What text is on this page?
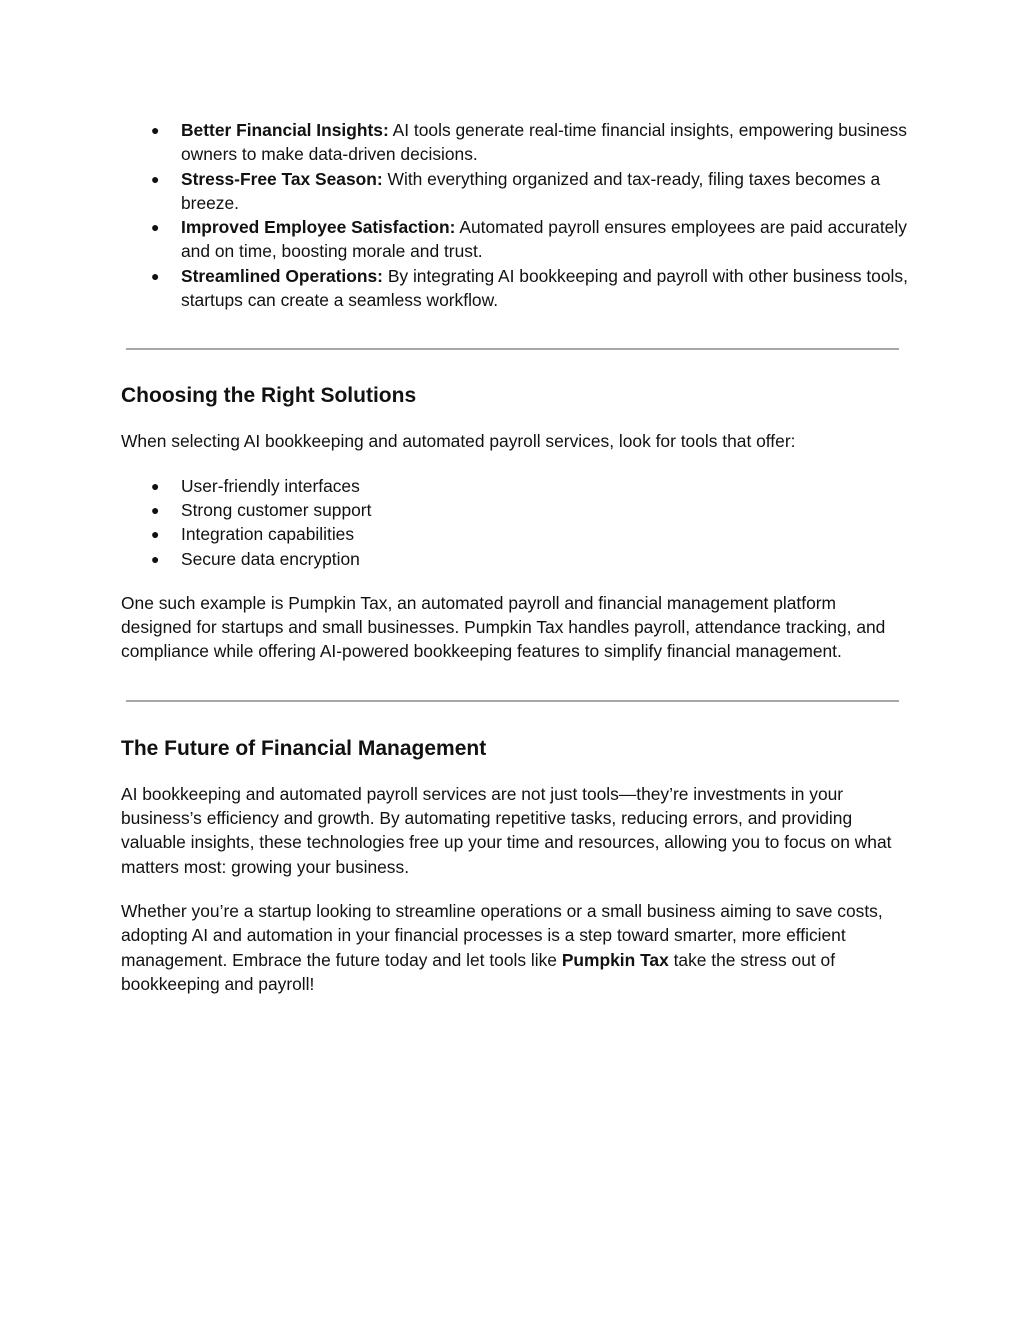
● Better Financial Insights: AI tools generate real-time financial insights, empowering business owners to make data-driven decisions.
● Stress-Free Tax Season: With everything organized and tax-ready, filing taxes becomes a breeze.
● Improved Employee Satisfaction: Automated payroll ensures employees are paid accurately and on time, boosting morale and trust.
● Streamlined Operations: By integrating AI bookkeeping and payroll with other business tools, startups can create a seamless workflow.
Choosing the Right Solutions

When selecting AI bookkeeping and automated payroll services, look for tools that offer:

● User-friendly interfaces
● Strong customer support
● Integration capabilities
● Secure data encryption

One such example is Pumpkin Tax, an automated payroll and financial management platform designed for startups and small businesses. Pumpkin Tax handles payroll, attendance tracking, and compliance while offering AI-powered bookkeeping features to simplify financial management.

The Future of Financial Management

AI bookkeeping and automated payroll services are not just tools—they’re investments in your business’s efficiency and growth. By automating repetitive tasks, reducing errors, and providing valuable insights, these technologies free up your time and resources, allowing you to focus on what matters most: growing your business.

Whether you’re a startup looking to streamline operations or a small business aiming to save costs, adopting AI and automation in your financial processes is a step toward smarter, more efficient management. Embrace the future today and let tools like Pumpkin Tax take the stress out of bookkeeping and payroll!
